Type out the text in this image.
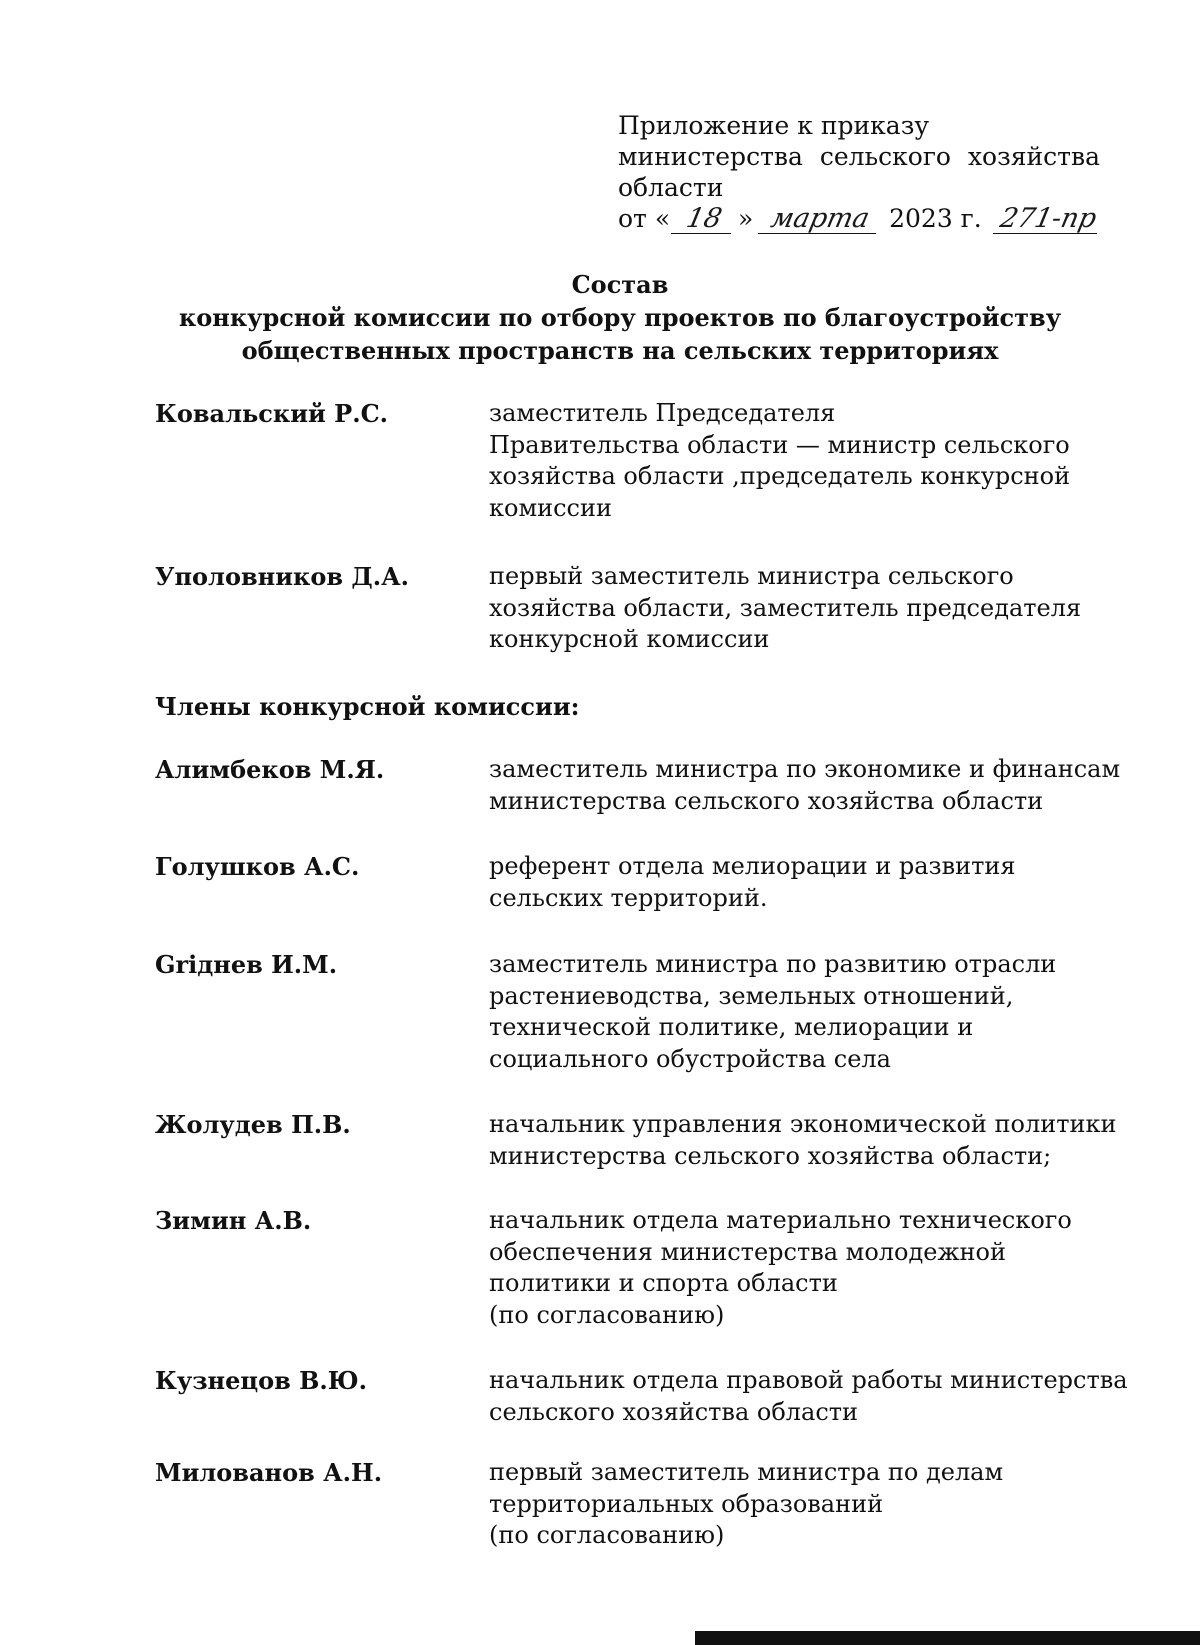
Приложение к приказу
министерства сельского хозяйства
области
от « 18 » марта 2023 г. 271-пр
Состав
конкурсной комиссии по отбору проектов по благоустройству
общественных пространств на сельских территориях
Ковальский Р.С.	заместитель Председателя
Правительства области — министр сельского
хозяйства области ,председатель конкурсной
комиссии
Уполовников Д.А.	первый заместитель министра сельского
хозяйства области, заместитель председателя
конкурсной комиссии
Члены конкурсной комиссии:
Алимбеков М.Я.	заместитель министра по экономике и финансам
министерства сельского хозяйства области
Голушков А.С.	референт отдела мелиорации и развития
сельских территорий.
Griднев И.М.	заместитель министра по развитию отрасли
растениеводства, земельных отношений,
технической политике, мелиорации и
социального обустройства села
Жолудев П.В.	начальник управления экономической политики
министерства сельского хозяйства области;
Зимин А.В.	начальник отдела материально технического
обеспечения министерства молодежной
политики и спорта области
(по согласованию)
Кузнецов В.Ю.	начальник отдела правовой работы министерства
сельского хозяйства области
Милованов А.Н.	первый заместитель министра по делам
территориальных образований
(по согласованию)
